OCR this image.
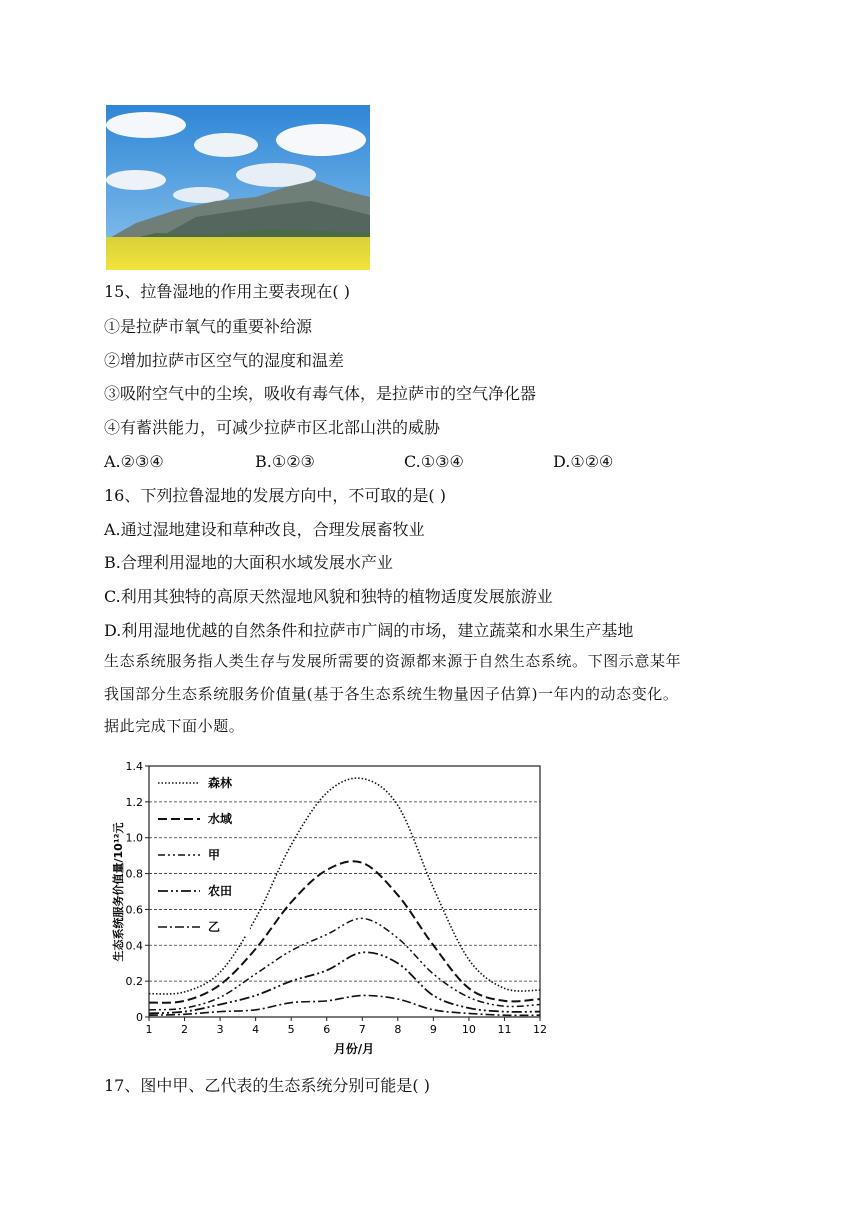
15、拉鲁湿地的作用主要表现在( )
①是拉萨市氧气的重要补给源
②增加拉萨市区空气的湿度和温差
③吸附空气中的尘埃，吸收有毒气体，是拉萨市的空气净化器
④有蓄洪能力，可减少拉萨市区北部山洪的威胁
A.②③④	B.①②③	C.①③④	D.①②④
16、下列拉鲁湿地的发展方向中，不可取的是( )
A.通过湿地建设和草种改良，合理发展畜牧业
B.合理利用湿地的大面积水域发展水产业
C.利用其独特的高原天然湿地风貌和独特的植物适度发展旅游业
D.利用湿地优越的自然条件和拉萨市广阔的市场，建立蔬菜和水果生产基地
生态系统服务指人类生存与发展所需要的资源都来源于自然生态系统。下图示意某年
我国部分生态系统服务价值量(基于各生态系统生物量因子估算)一年内的动态变化。
据此完成下面小题。
0
0.2
0.4
0.6
0.8
1.0
1.2
1.4
1	2	3	4	5	6	7	8	9 10 11 12
森林
水域
甲
农田
乙
月份/月
生态系统服务价值量/10¹²元
17、图中甲、乙代表的生态系统分别可能是( )
